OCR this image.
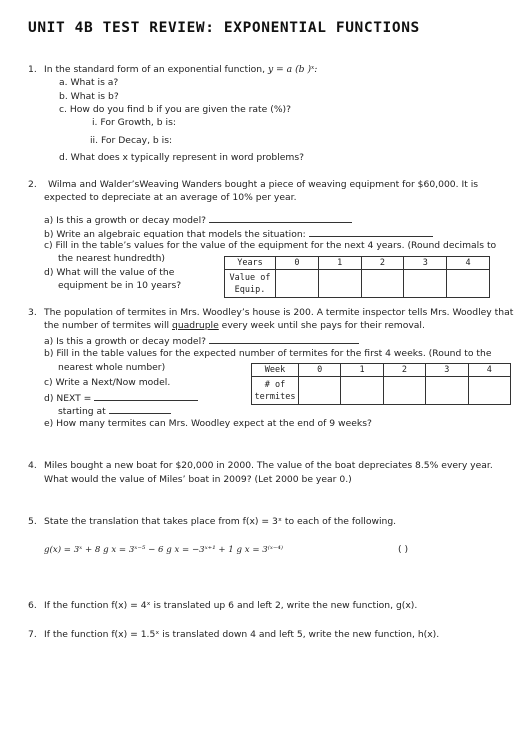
UNIT 4B TEST REVIEW: EXPONENTIAL FUNCTIONS
1. In the standard form of an exponential function, y = a (b )ˣ:
a. What is a?
b. What is b?
c. How do you find b if you are given the rate (%)?
i. For Growth, b is:
ii. For Decay, b is:
d. What does x typically represent in word problems?
2. Wilma and Walder’sWeaving Wanders bought a piece of weaving equipment for $60,000. It is
expected to depreciate at an average of 10% per year.
a) Is this a growth or decay model?
b) Write an algebraic equation that models the situation:
c) Fill in the table’s values for the value of the equipment for the next 4 years. (Round decimals to
the nearest hundredth)
d) What will the value of the
equipment be in 10 years?
Years	0	1	2	3	4
Value of
Equip.					
3. The population of termites in Mrs. Woodley’s house is 200. A termite inspector tells Mrs. Woodley that
the number of termites will quadruple every week until she pays for their removal.
a) Is this a growth or decay model?
b) Fill in the table values for the expected number of termites for the first 4 weeks. (Round to the
nearest whole number)
c) Write a Next/Now model.
d) NEXT =
starting at
e) How many termites can Mrs. Woodley expect at the end of 9 weeks?
Week	0	1	2	3	4
# of
termites					
4. Miles bought a new boat for $20,000 in 2000. The value of the boat depreciates 8.5% every year.
What would the value of Miles’ boat in 2009? (Let 2000 be year 0.)
5. State the translation that takes place from f(x) = 3ˣ to each of the following.
g(x) = 3ˣ + 8 g x = 3ˣ⁻⁵ − 6 g x = −3ˣ⁺¹ + 1 g x = 3⁽ˣ⁻⁴⁾	( )
6. If the function f(x) = 4ˣ is translated up 6 and left 2, write the new function, g(x).
7. If the function f(x) = 1.5ˣ is translated down 4 and left 5, write the new function, h(x).
